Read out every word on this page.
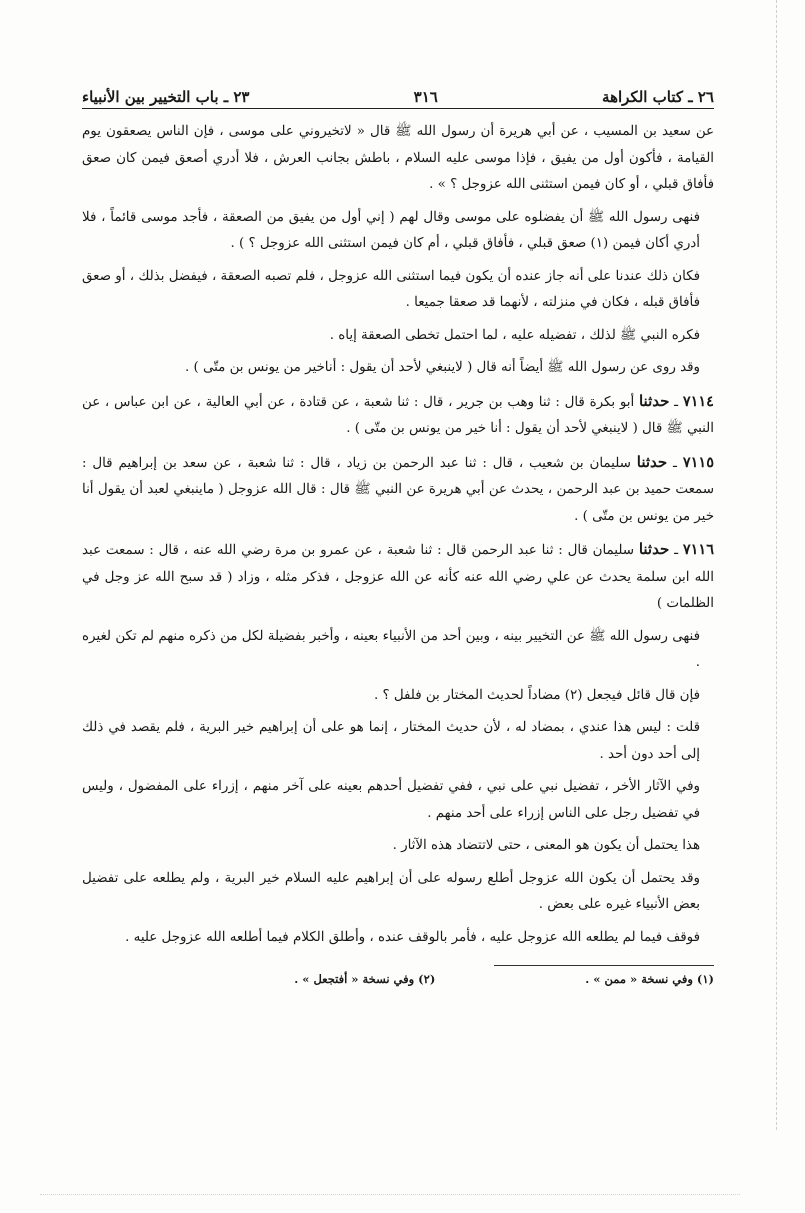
٢٦ ـ كتاب الكراهة
٣١٦
٢٣ ـ باب التخيير بين الأنبياء

عن سعيد بن المسيب ، عن أبي هريرة أن رسول الله ﷺ قال « لاتخيروني على موسى ، فإن الناس يصعقون يوم القيامة ، فأكون أول من يفيق ، فإذا موسى عليه السلام ، باطش بجانب العرش ، فلا أدري أصعق فيمن كان صعق فأفاق قبلي ، أو كان فيمن استثنى الله عزوجل ؟ » .

فنهى رسول الله ﷺ أن يفضلوه على موسى وقال لهم ( إني أول من يفيق من الصعقة ، فأجد موسى قائماً ، فلا أدري أكان فيمن (١) صعق قبلي ، فأفاق قبلي ، أم كان فيمن استثنى الله عزوجل ؟ ) .

فكان ذلك عندنا على أنه جاز عنده أن يكون فيما استثنى الله عزوجل ، فلم تصبه الصعقة ، فيفضل بذلك ، أو صعق فأفاق قبله ، فكان في منزلته ، لأنهما قد صعقا جميعا .

فكره النبي ﷺ لذلك ، تفضيله عليه ، لما احتمل تخطى الصعقة إياه .

وقد روى عن رسول الله ﷺ أيضاً أنه قال ( لاينبغي لأحد أن يقول : أناخير من يونس بن متّى ) .

٧١١٤ ـ حدثنا أبو بكرة قال : ثنا وهب بن جرير ، قال : ثنا شعبة ، عن قتادة ، عن أبي العالية ، عن ابن عباس ، عن النبي ﷺ قال ( لاينبغي لأحد أن يقول : أنا خير من يونس بن متّى ) .

٧١١٥ ـ حدثنا سليمان بن شعيب ، قال : ثنا عبد الرحمن بن زياد ، قال : ثنا شعبة ، عن سعد بن إبراهيم قال : سمعت حميد بن عبد الرحمن ، يحدث عن أبي هريرة عن النبي ﷺ قال : قال الله عزوجل ( ماينبغي لعبد أن يقول أنا خير من يونس بن متّى ) .

٧١١٦ ـ حدثنا سليمان قال : ثنا عبد الرحمن قال : ثنا شعبة ، عن عمرو بن مرة رضي الله عنه ، قال : سمعت عبد الله ابن سلمة يحدث عن علي رضي الله عنه كأنه عن الله عزوجل ، فذكر مثله ، وزاد ( قد سبح الله عز وجل في الظلمات )

فنهى رسول الله ﷺ عن التخيير بينه ، وبين أحد من الأنبياء بعينه ، وأخبر بفضيلة لكل من ذكره منهم لم تكن لغيره .

فإن قال قائل فيجعل (٢) مضاداً لحديث المختار بن فلفل ؟ .

قلت : ليس هذا عندي ، بمضاد له ، لأن حديث المختار ، إنما هو على أن إبراهيم خير البرية ، فلم يقصد في ذلك إلى أحد دون أحد .

وفي الآثار الأخر ، تفضيل نبي على نبي ، ففي تفضيل أحدهم بعينه على آخر منهم ، إزراء على المفضول ، وليس في تفضيل رجل على الناس إزراء على أحد منهم .

هذا يحتمل أن يكون هو المعنى ، حتى لاتتضاد هذه الآثار .

وقد يحتمل أن يكون الله عزوجل أطلع رسوله على أن إبراهيم عليه السلام خير البرية ، ولم يطلعه على تفضيل بعض الأنبياء غيره على بعض .

فوقف فيما لم يطلعه الله عزوجل عليه ، فأمر بالوقف عنده ، وأطلق الكلام فيما أطلعه الله عزوجل عليه .

(١) وفي نسخة « ممن » .
(٢) وفي نسخة « أفتجعل » .
